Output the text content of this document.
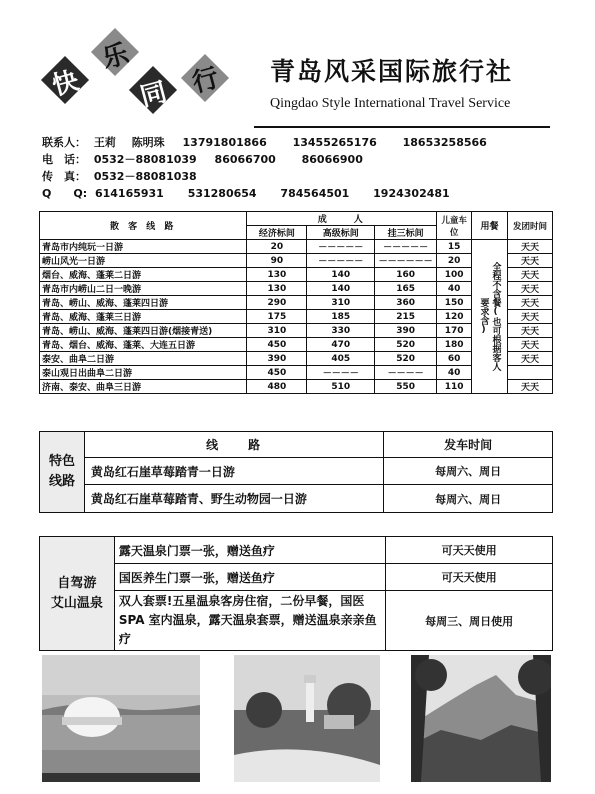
快
乐
同 行 青岛风采国际旅行社
Qingdao Style International Travel Service
联系人： 王莉 陈明珠 13791801866 13455265176 18653258566
电　话： 0532－88081039 86066700 86066900
传　真： 0532－88081038
Q　　Q: 614165931 531280654 784564501 1924302481
散 客 线 路	成　　人			儿童车位	用餐	发团时间
	经济标间	高级标间	挂三标间			
青岛市内纯玩一日游	20	－－－－－	－－－－－	15	全程不含餐(也可根据客人要求含)	天天
崂山风光一日游	90	－－－－－	－－－－－－	20		天天
烟台、威海、蓬莱二日游	130	140	160	100		天天
青岛市内崂山二日一晚游	130	140	165	40		天天
青岛、崂山、威海、蓬莱四日游	290	310	360	150		天天
青岛、威海、蓬莱三日游	175	185	215	120		天天
青岛、崂山、威海、蓬莱四日游(烟接青送)	310	330	390	170		天天
青岛、烟台、威海、蓬莱、大连五日游	450	470	520	180		天天
泰安、曲阜二日游	390	405	520	60		天天
泰山观日出曲阜二日游	450	－－－－	－－－－	40		
济南、泰安、曲阜三日游	480	510	550	110		天天
特色
线路	线　　路	发车时间
	黄岛红石崖草莓踏青一日游	每周六、周日
	黄岛红石崖草莓踏青、野生动物园一日游	每周六、周日
自驾游
艾山温泉	露天温泉门票一张，赠送鱼疗	可天天使用
	国医养生门票一张，赠送鱼疗	可天天使用
	双人套票!五星温泉客房住宿，二份早餐，国医 SPA 室内温泉，露天温泉套票，赠送温泉亲亲鱼疗	每周三、周日使用
